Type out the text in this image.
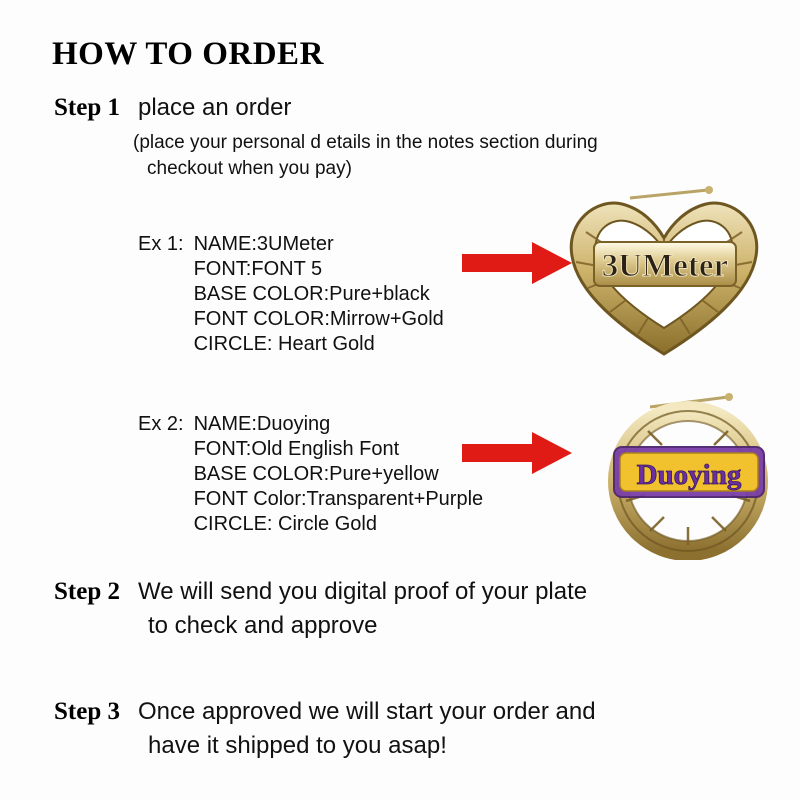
HOW TO ORDER
Step 1 place an order
(place your personal d etails in the notes section during
checkout when you pay)
Ex 1: NAME:3UMeter
FONT:FONT 5
BASE COLOR:Pure+black
FONT COLOR:Mirrow+Gold
CIRCLE: Heart Gold
3UMeter
Ex 2: NAME:Duoying
FONT:Old English Font
BASE COLOR:Pure+yellow
FONT Color:Transparent+Purple
CIRCLE: Circle Gold
Duoying
Step 2 We will send you digital proof of your plate
to check and approve
Step 3 Once approved we will start your order and
have it shipped to you asap!
